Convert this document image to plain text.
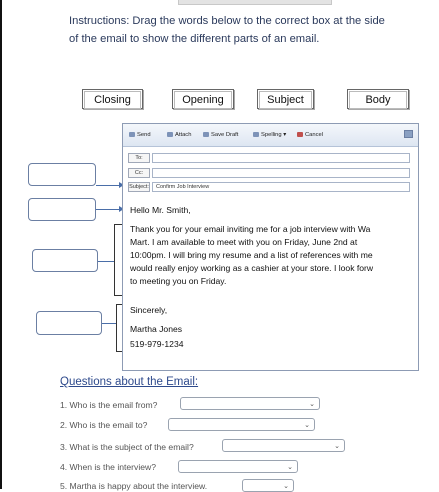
Instructions: Drag the words below to the correct box at the side of the email to show the different parts of an email.
Closing	Opening	Subject	Body
Send	Attach	Save Draft	Spelling ▾	Cancel
To:
Cc:
Subject:	Confirm Job Interview
Hello Mr. Smith,
Thank you for your email inviting me for a job interview with Wa
Mart. I am available to meet with you on Friday, June 2nd at
10:00pm. I will bring my resume and a list of references with me
would really enjoy working as a cashier at your store. I look forw
to meeting you on Friday.
Sincerely,
Martha Jones
519-979-1234
Questions about the Email:
1. Who is the email from?	⌄
2. Who is the email to?	⌄
3. What is the subject of the email?	⌄
4. When is the interview?	⌄
5. Martha is happy about the interview.	⌄
